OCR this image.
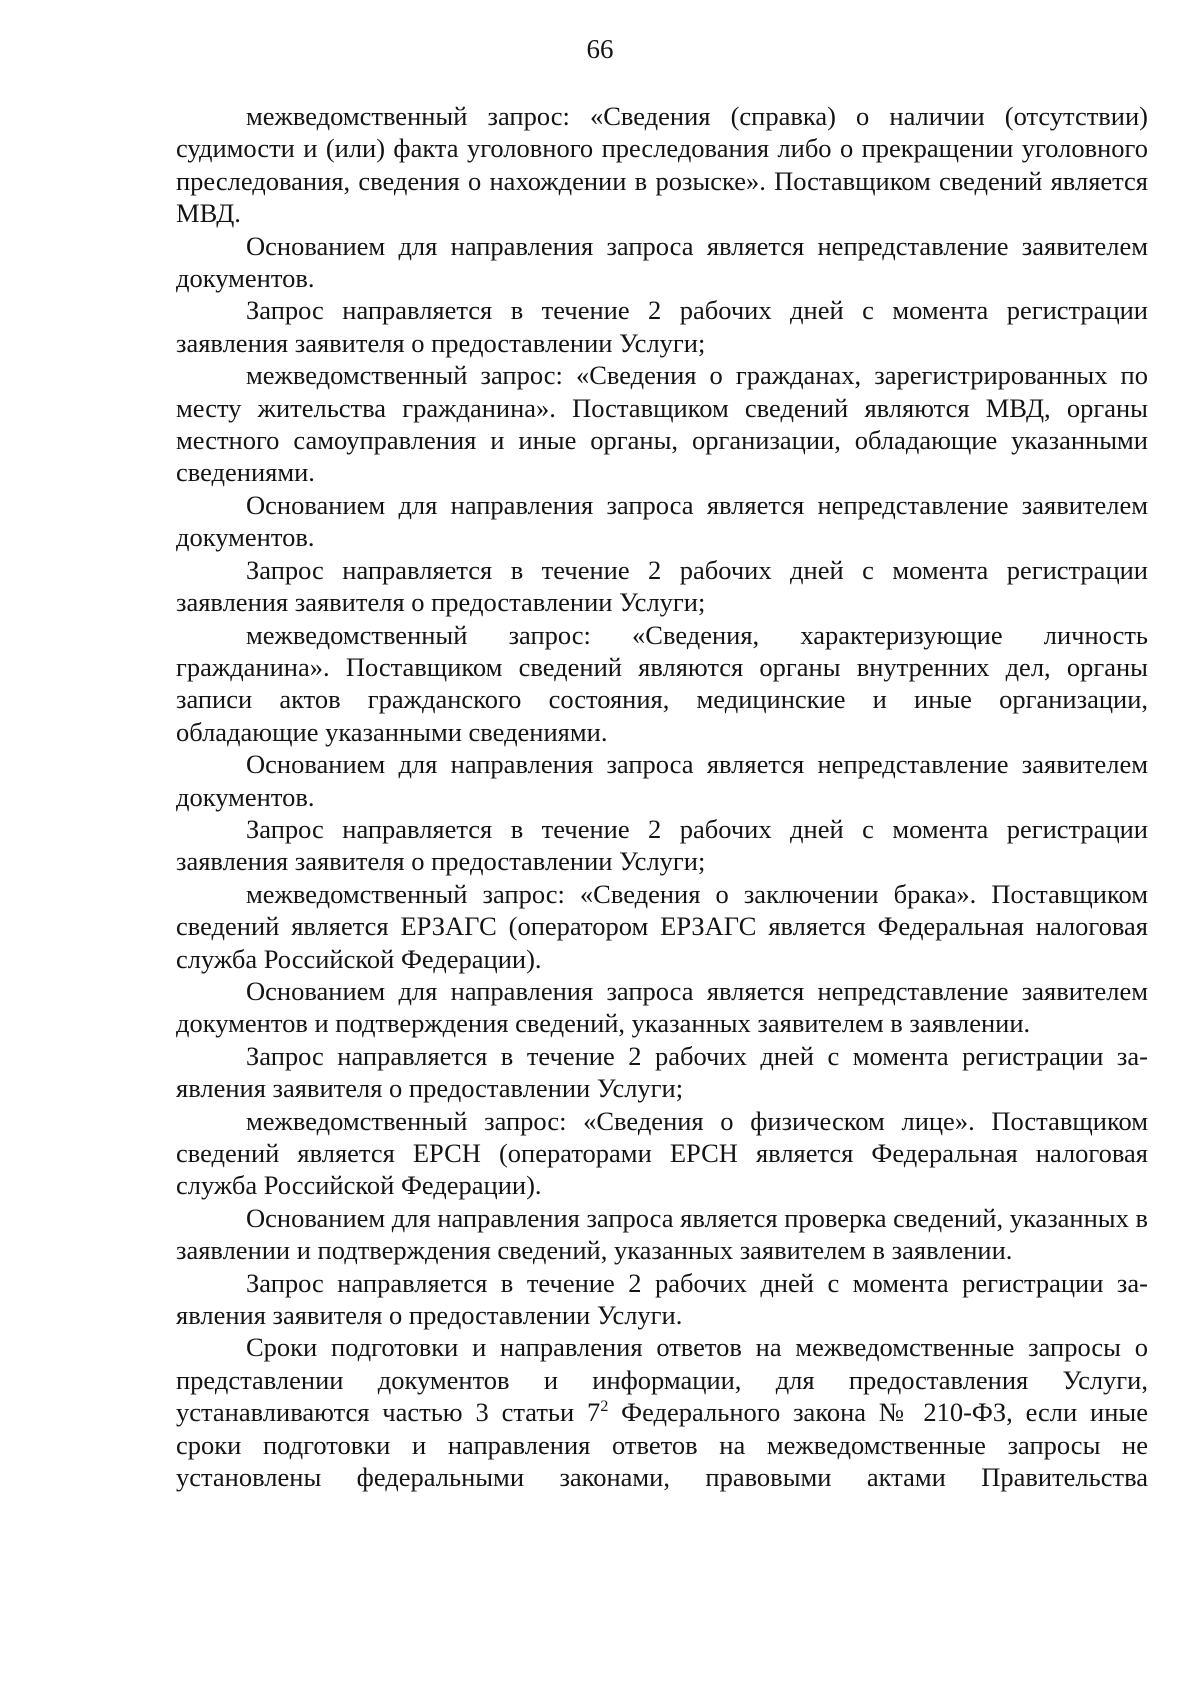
66

межведомственный запрос: «Сведения (справка) о наличии (отсутствии) судимости и (или) факта уголовного преследования либо о прекращении уголовного преследования, сведения о нахождении в розыске». Поставщиком сведений является МВД.

Основанием для направления запроса является непредставление заявителем документов.

Запрос направляется в течение 2 рабочих дней с момента регистрации заявления заявителя о предоставлении Услуги;

межведомственный запрос: «Сведения о гражданах, зарегистрированных по месту жительства гражданина». Поставщиком сведений являются МВД, органы местного самоуправления и иные органы, организации, обладающие указанными сведениями.

Основанием для направления запроса является непредставление заявителем документов.

Запрос направляется в течение 2 рабочих дней с момента регистрации заявления заявителя о предоставлении Услуги;

межведомственный запрос: «Сведения, характеризующие личность гражданина». Поставщиком сведений являются органы внутренних дел, органы записи актов гражданского состояния, медицинские и иные организации, обладающие указанными сведениями.

Основанием для направления запроса является непредставление заявителем документов.

Запрос направляется в течение 2 рабочих дней с момента регистрации заявления заявителя о предоставлении Услуги;

межведомственный запрос: «Сведения о заключении брака». Поставщиком сведений является ЕРЗАГС (оператором ЕРЗАГС является Федеральная налоговая служба Российской Федерации).

Основанием для направления запроса является непредставление заявителем документов и подтверждения сведений, указанных заявителем в заявлении.

Запрос направляется в течение 2 рабочих дней с момента регистрации заявления заявителя о предоставлении Услуги;

межведомственный запрос: «Сведения о физическом лице». Поставщиком сведений является ЕРСН (операторами ЕРСН является Федеральная налоговая служба Российской Федерации).

Основанием для направления запроса является проверка сведений, указанных в заявлении и подтверждения сведений, указанных заявителем в заявлении.

Запрос направляется в течение 2 рабочих дней с момента регистрации заявления заявителя о предоставлении Услуги.

Сроки подготовки и направления ответов на межведомственные запросы о представлении документов и информации, для предоставления Услуги, устанавливаются частью 3 статьи $7^2$ Федерального закона № 210-ФЗ, если иные сроки подготовки и направления ответов на межведомственные запросы не установлены федеральными законами, правовыми актами Правительства
